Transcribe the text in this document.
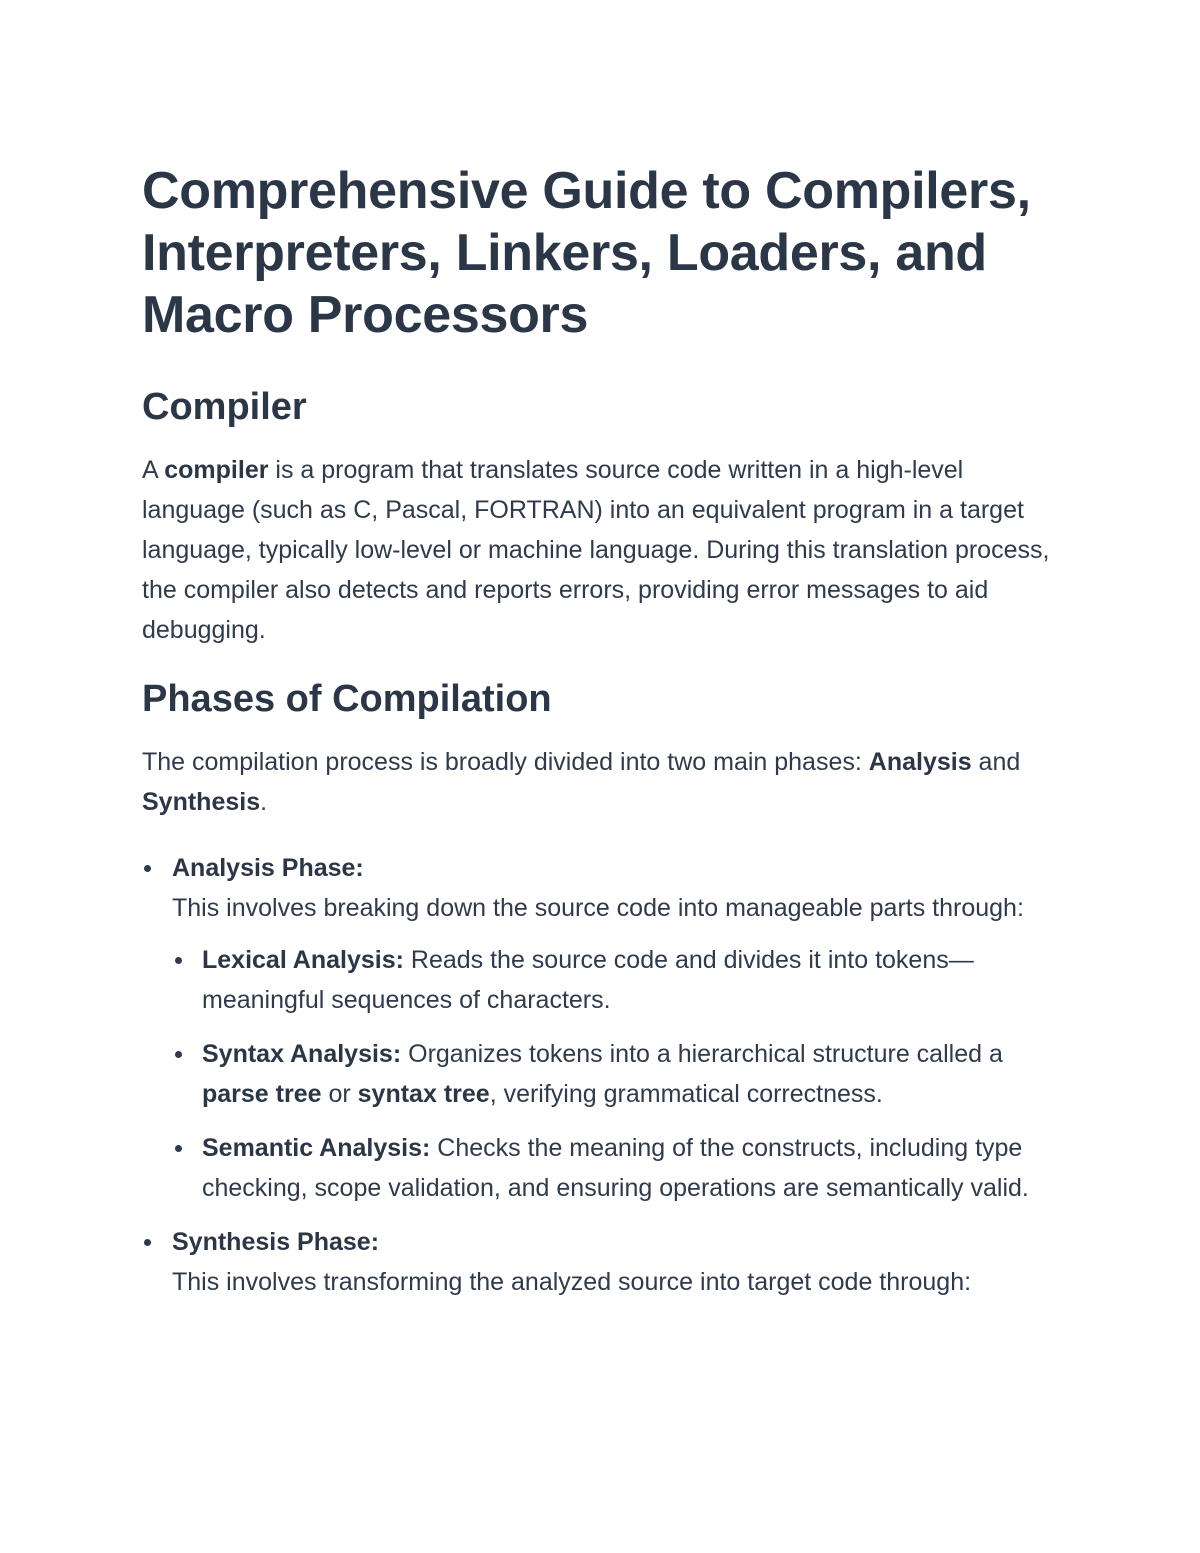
Comprehensive Guide to Compilers, Interpreters, Linkers, Loaders, and Macro Processors
Compiler

A compiler is a program that translates source code written in a high-level language (such as C, Pascal, FORTRAN) into an equivalent program in a target language, typically low-level or machine language. During this translation process, the compiler also detects and reports errors, providing error messages to aid debugging.

Phases of Compilation

The compilation process is broadly divided into two main phases: Analysis and Synthesis.

Analysis Phase:
This involves breaking down the source code into manageable parts through:
Lexical Analysis: Reads the source code and divides it into tokens—meaningful sequences of characters.
Syntax Analysis: Organizes tokens into a hierarchical structure called a parse tree or syntax tree, verifying grammatical correctness.
Semantic Analysis: Checks the meaning of the constructs, including type checking, scope validation, and ensuring operations are semantically valid.
Synthesis Phase:
This involves transforming the analyzed source into target code through:
